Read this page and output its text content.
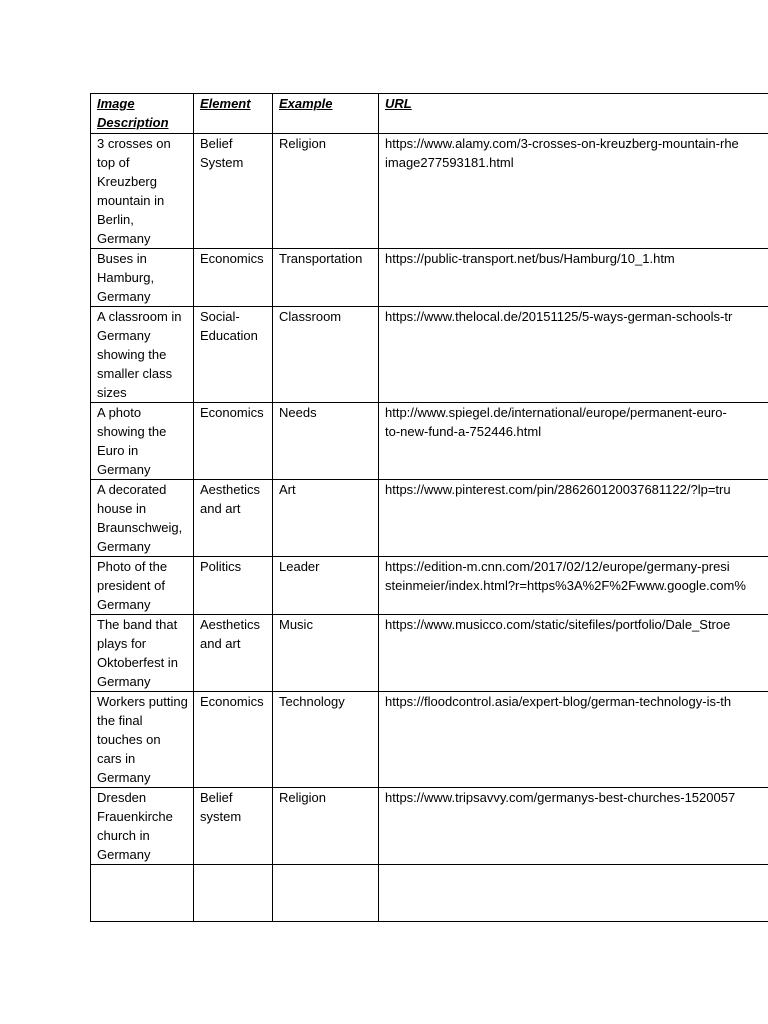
Image Description	Element	Example	URL
3 crosses on top of Kreuzberg mountain in Berlin, Germany	Belief System	Religion	https://www.alamy.com/3-crosses-on-kreuzberg-mountain-rhe
image277593181.html
Buses in Hamburg, Germany	Economics	Transportation	https://public-transport.net/bus/Hamburg/10_1.htm
A classroom in Germany showing the smaller class sizes	Social-Education	Classroom	https://www.thelocal.de/20151125/5-ways-german-schools-tr
A photo showing the Euro in Germany	Economics	Needs	http://www.spiegel.de/international/europe/permanent-euro-
to-new-fund-a-752446.html
A decorated house in Braunschweig, Germany	Aesthetics and art	Art	https://www.pinterest.com/pin/286260120037681122/?lp=tru
Photo of the president of Germany	Politics	Leader	https://edition-m.cnn.com/2017/02/12/europe/germany-presi
steinmeier/index.html?r=https%3A%2F%2Fwww.google.com%
The band that plays for Oktoberfest in Germany	Aesthetics and art	Music	https://www.musicco.com/static/sitefiles/portfolio/Dale_Stroe
Workers putting the final touches on cars in Germany	Economics	Technology	https://floodcontrol.asia/expert-blog/german-technology-is-th
Dresden Frauenkirche church in Germany	Belief system	Religion	https://www.tripsavvy.com/germanys-best-churches-1520057
